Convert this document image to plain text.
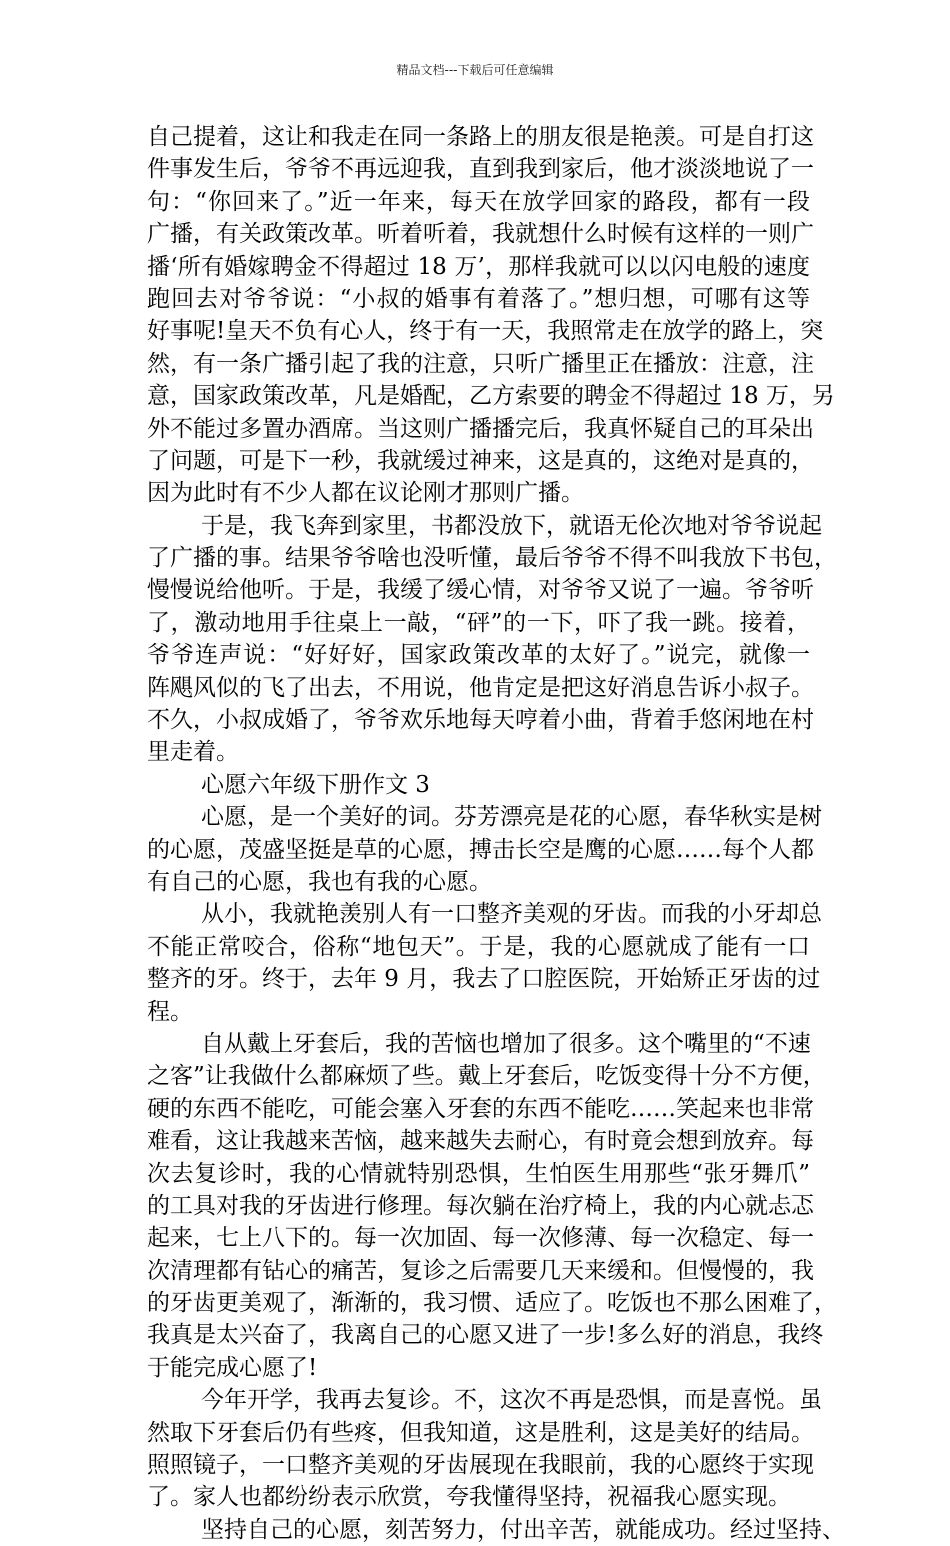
精品文档---下载后可任意编辑
自己提着，这让和我走在同一条路上的朋友很是艳羡。可是自打这
件事发生后，爷爷不再远迎我，直到我到家后，他才淡淡地说了一
句：“你回来了。”近一年来，每天在放学回家的路段，都有一段
广播，有关政策改革。听着听着，我就想什么时候有这样的一则广
播‘所有婚嫁聘金不得超过 18 万’，那样我就可以以闪电般的速度
跑回去对爷爷说：“小叔的婚事有着落了。”想归想，可哪有这等
好事呢!皇天不负有心人，终于有一天，我照常走在放学的路上，突
然，有一条广播引起了我的注意，只听广播里正在播放：注意，注
意，国家政策改革，凡是婚配，乙方索要的聘金不得超过 18 万，另
外不能过多置办酒席。当这则广播播完后，我真怀疑自己的耳朵出
了问题，可是下一秒，我就缓过神来，这是真的，这绝对是真的，
因为此时有不少人都在议论刚才那则广播。
于是，我飞奔到家里，书都没放下，就语无伦次地对爷爷说起
了广播的事。结果爷爷啥也没听懂，最后爷爷不得不叫我放下书包，
慢慢说给他听。于是，我缓了缓心情，对爷爷又说了一遍。爷爷听
了，激动地用手往桌上一敲，“砰”的一下，吓了我一跳。接着，
爷爷连声说：“好好好，国家政策改革的太好了。”说完，就像一
阵飓风似的飞了出去，不用说，他肯定是把这好消息告诉小叔子。
不久，小叔成婚了，爷爷欢乐地每天哼着小曲，背着手悠闲地在村
里走着。
心愿六年级下册作文 3
心愿，是一个美好的词。芬芳漂亮是花的心愿，春华秋实是树
的心愿，茂盛坚挺是草的心愿，搏击长空是鹰的心愿……每个人都
有自己的心愿，我也有我的心愿。
从小，我就艳羡别人有一口整齐美观的牙齿。而我的小牙却总
不能正常咬合，俗称“地包天”。于是，我的心愿就成了能有一口
整齐的牙。终于，去年 9 月，我去了口腔医院，开始矫正牙齿的过
程。
自从戴上牙套后，我的苦恼也增加了很多。这个嘴里的“不速
之客”让我做什么都麻烦了些。戴上牙套后，吃饭变得十分不方便，
硬的东西不能吃，可能会塞入牙套的东西不能吃……笑起来也非常
难看，这让我越来苦恼，越来越失去耐心，有时竟会想到放弃。每
次去复诊时，我的心情就特别恐惧，生怕医生用那些“张牙舞爪”
的工具对我的牙齿进行修理。每次躺在治疗椅上，我的内心就忐忑
起来，七上八下的。每一次加固、每一次修薄、每一次稳定、每一
次清理都有钻心的痛苦，复诊之后需要几天来缓和。但慢慢的，我
的牙齿更美观了，渐渐的，我习惯、适应了。吃饭也不那么困难了，
我真是太兴奋了，我离自己的心愿又进了一步!多么好的消息，我终
于能完成心愿了!
今年开学，我再去复诊。不，这次不再是恐惧，而是喜悦。虽
然取下牙套后仍有些疼，但我知道，这是胜利，这是美好的结局。
照照镜子，一口整齐美观的牙齿展现在我眼前，我的心愿终于实现
了。家人也都纷纷表示欣赏，夸我懂得坚持，祝福我心愿实现。
坚持自己的心愿，刻苦努力，付出辛苦，就能成功。经过坚持、
